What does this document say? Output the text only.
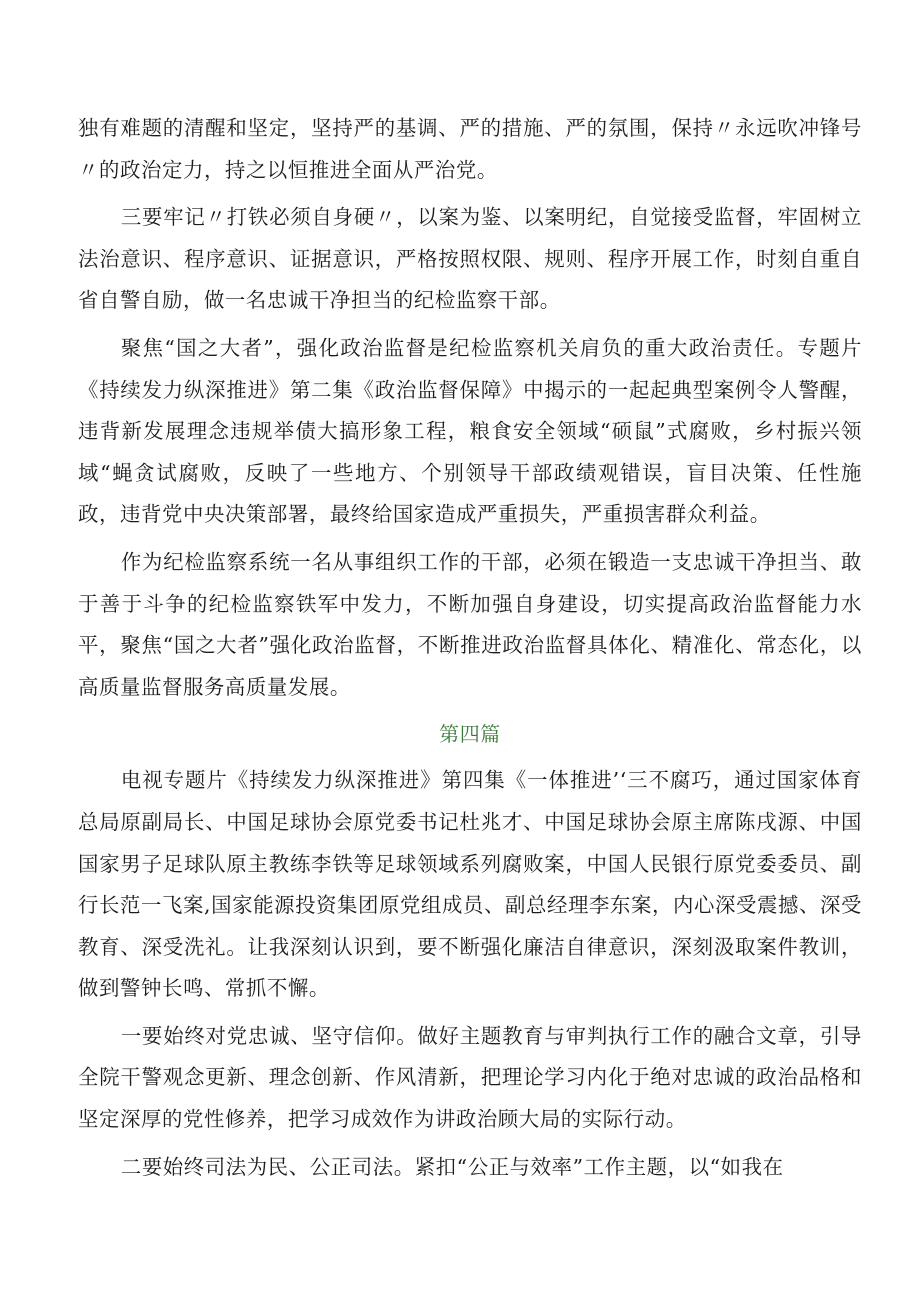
独有难题的清醒和坚定，坚持严的基调、严的措施、严的氛围，保持〃永远吹冲锋号〃的政治定力，持之以恒推进全面从严治党。

三要牢记〃打铁必须自身硬〃，以案为鉴、以案明纪，自觉接受监督，牢固树立法治意识、程序意识、证据意识，严格按照权限、规则、程序开展工作，时刻自重自省自警自励，做一名忠诚干净担当的纪检监察干部。

聚焦“国之大者”，强化政治监督是纪检监察机关肩负的重大政治责任。专题片《持续发力纵深推进》第二集《政治监督保障》中揭示的一起起典型案例令人警醒，违背新发展理念违规举债大搞形象工程，粮食安全领域“硕鼠”式腐败，乡村振兴领域“蝇贪试腐败，反映了一些地方、个别领导干部政绩观错误，盲目决策、任性施政，违背党中央决策部署，最终给国家造成严重损失，严重损害群众利益。

作为纪检监察系统一名从事组织工作的干部，必须在锻造一支忠诚干净担当、敢于善于斗争的纪检监察铁军中发力，不断加强自身建设，切实提高政治监督能力水平，聚焦“国之大者”强化政治监督，不断推进政治监督具体化、精准化、常态化，以高质量监督服务高质量发展。

第四篇

电视专题片《持续发力纵深推进》第四集《一体推进’‘三不腐巧，通过国家体育总局原副局长、中国足球协会原党委书记杜兆才、中国足球协会原主席陈戌源、中国国家男子足球队原主教练李铁等足球领域系列腐败案，中国人民银行原党委委员、副行长范一飞案,国家能源投资集团原党组成员、副总经理李东案，内心深受震撼、深受教育、深受洗礼。让我深刻认识到，要不断强化廉洁自律意识，深刻汲取案件教训，做到警钟长鸣、常抓不懈。

一要始终对党忠诚、坚守信仰。做好主题教育与审判执行工作的融合文章，引导全院干警观念更新、理念创新、作风清新，把理论学习内化于绝对忠诚的政治品格和坚定深厚的党性修养，把学习成效作为讲政治顾大局的实际行动。

二要始终司法为民、公正司法。紧扣“公正与效率”工作主题，以“如我在
